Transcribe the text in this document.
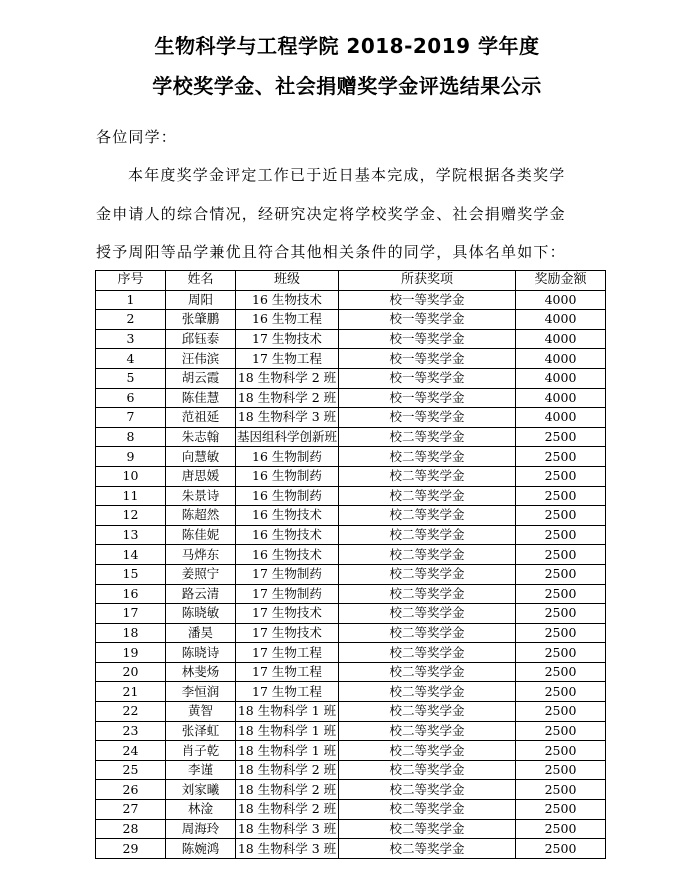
生物科学与工程学院 2018-2019 学年度
学校奖学金、社会捐赠奖学金评选结果公示
各位同学：
本年度奖学金评定工作已于近日基本完成，学院根据各类奖学
金申请人的综合情况，经研究决定将学校奖学金、社会捐赠奖学金
授予周阳等品学兼优且符合其他相关条件的同学，具体名单如下：
序号	姓名	班级	所获奖项	奖励金额
1	周阳	16 生物技术	校一等奖学金	4000
2	张肇鹏	16 生物工程	校一等奖学金	4000
3	邱钰泰	17 生物技术	校一等奖学金	4000
4	汪伟滨	17 生物工程	校一等奖学金	4000
5	胡云霞	18 生物科学 2 班	校一等奖学金	4000
6	陈佳慧	18 生物科学 2 班	校一等奖学金	4000
7	范祖延	18 生物科学 3 班	校一等奖学金	4000
8	朱志翰	基因组科学创新班	校二等奖学金	2500
9	向慧敏	16 生物制药	校二等奖学金	2500
10	唐思媛	16 生物制药	校二等奖学金	2500
11	朱景诗	16 生物制药	校二等奖学金	2500
12	陈超然	16 生物技术	校二等奖学金	2500
13	陈佳妮	16 生物技术	校二等奖学金	2500
14	马烨东	16 生物技术	校二等奖学金	2500
15	姜照宁	17 生物制药	校二等奖学金	2500
16	路云清	17 生物制药	校二等奖学金	2500
17	陈晓敏	17 生物技术	校二等奖学金	2500
18	潘昊	17 生物技术	校二等奖学金	2500
19	陈晓诗	17 生物工程	校二等奖学金	2500
20	林斐炀	17 生物工程	校二等奖学金	2500
21	李恒润	17 生物工程	校二等奖学金	2500
22	黄智	18 生物科学 1 班	校二等奖学金	2500
23	张泽虹	18 生物科学 1 班	校二等奖学金	2500
24	肖子乾	18 生物科学 1 班	校二等奖学金	2500
25	李谨	18 生物科学 2 班	校二等奖学金	2500
26	刘家曦	18 生物科学 2 班	校二等奖学金	2500
27	林淦	18 生物科学 2 班	校二等奖学金	2500
28	周海玲	18 生物科学 3 班	校二等奖学金	2500
29	陈婉鸿	18 生物科学 3 班	校二等奖学金	2500
